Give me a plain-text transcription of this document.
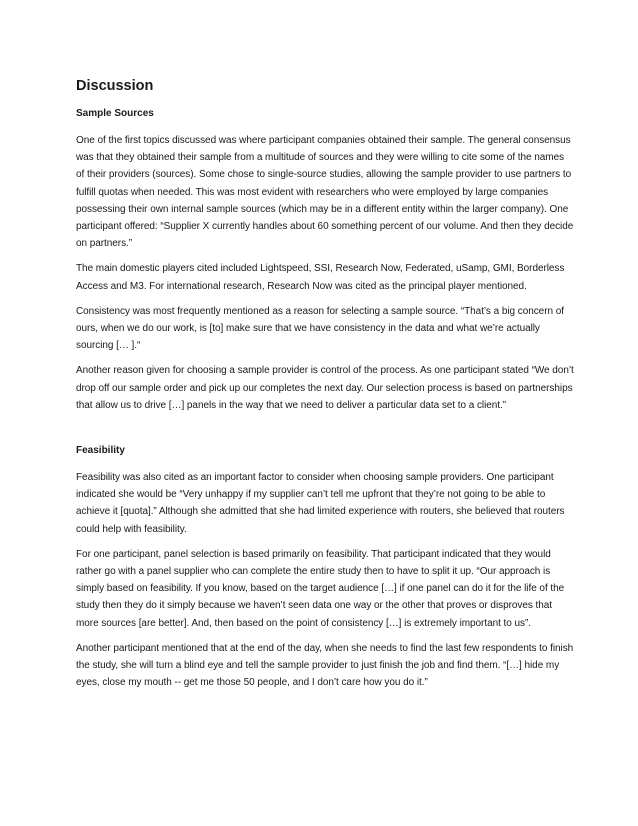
Discussion
Sample Sources

One of the first topics discussed was where participant companies obtained their sample. The general consensus was that they obtained their sample from a multitude of sources and they were willing to cite some of the names of their providers (sources). Some chose to single-source studies, allowing the sample provider to use partners to fulfill quotas when needed. This was most evident with researchers who were employed by large companies possessing their own internal sample sources (which may be in a different entity within the larger company). One participant offered: “Supplier X currently handles about 60 something percent of our volume. And then they decide on partners.”

The main domestic players cited included Lightspeed, SSI, Research Now, Federated, uSamp, GMI, Borderless Access and M3. For international research, Research Now was cited as the principal player mentioned.

Consistency was most frequently mentioned as a reason for selecting a sample source. “That’s a big concern of ours, when we do our work, is [to] make sure that we have consistency in the data and what we’re actually sourcing [… ].“

Another reason given for choosing a sample provider is control of the process. As one participant stated “We don’t drop off our sample order and pick up our completes the next day. Our selection process is based on partnerships that allow us to drive […] panels in the way that we need to deliver a particular data set to a client.”

Feasibility

Feasibility was also cited as an important factor to consider when choosing sample providers. One participant indicated she would be “Very unhappy if my supplier can’t tell me upfront that they’re not going to be able to achieve it [quota].” Although she admitted that she had limited experience with routers, she believed that routers could help with feasibility.

For one participant, panel selection is based primarily on feasibility. That participant indicated that they would rather go with a panel supplier who can complete the entire study then to have to split it up. “Our approach is simply based on feasibility. If you know, based on the target audience […] if one panel can do it for the life of the study then they do it simply because we haven’t seen data one way or the other that proves or disproves that more sources [are better]. And, then based on the point of consistency […] is extremely important to us”.

Another participant mentioned that at the end of the day, when she needs to find the last few respondents to finish the study, she will turn a blind eye and tell the sample provider to just finish the job and find them. “[…] hide my eyes, close my mouth -- get me those 50 people, and I don’t care how you do it.”
